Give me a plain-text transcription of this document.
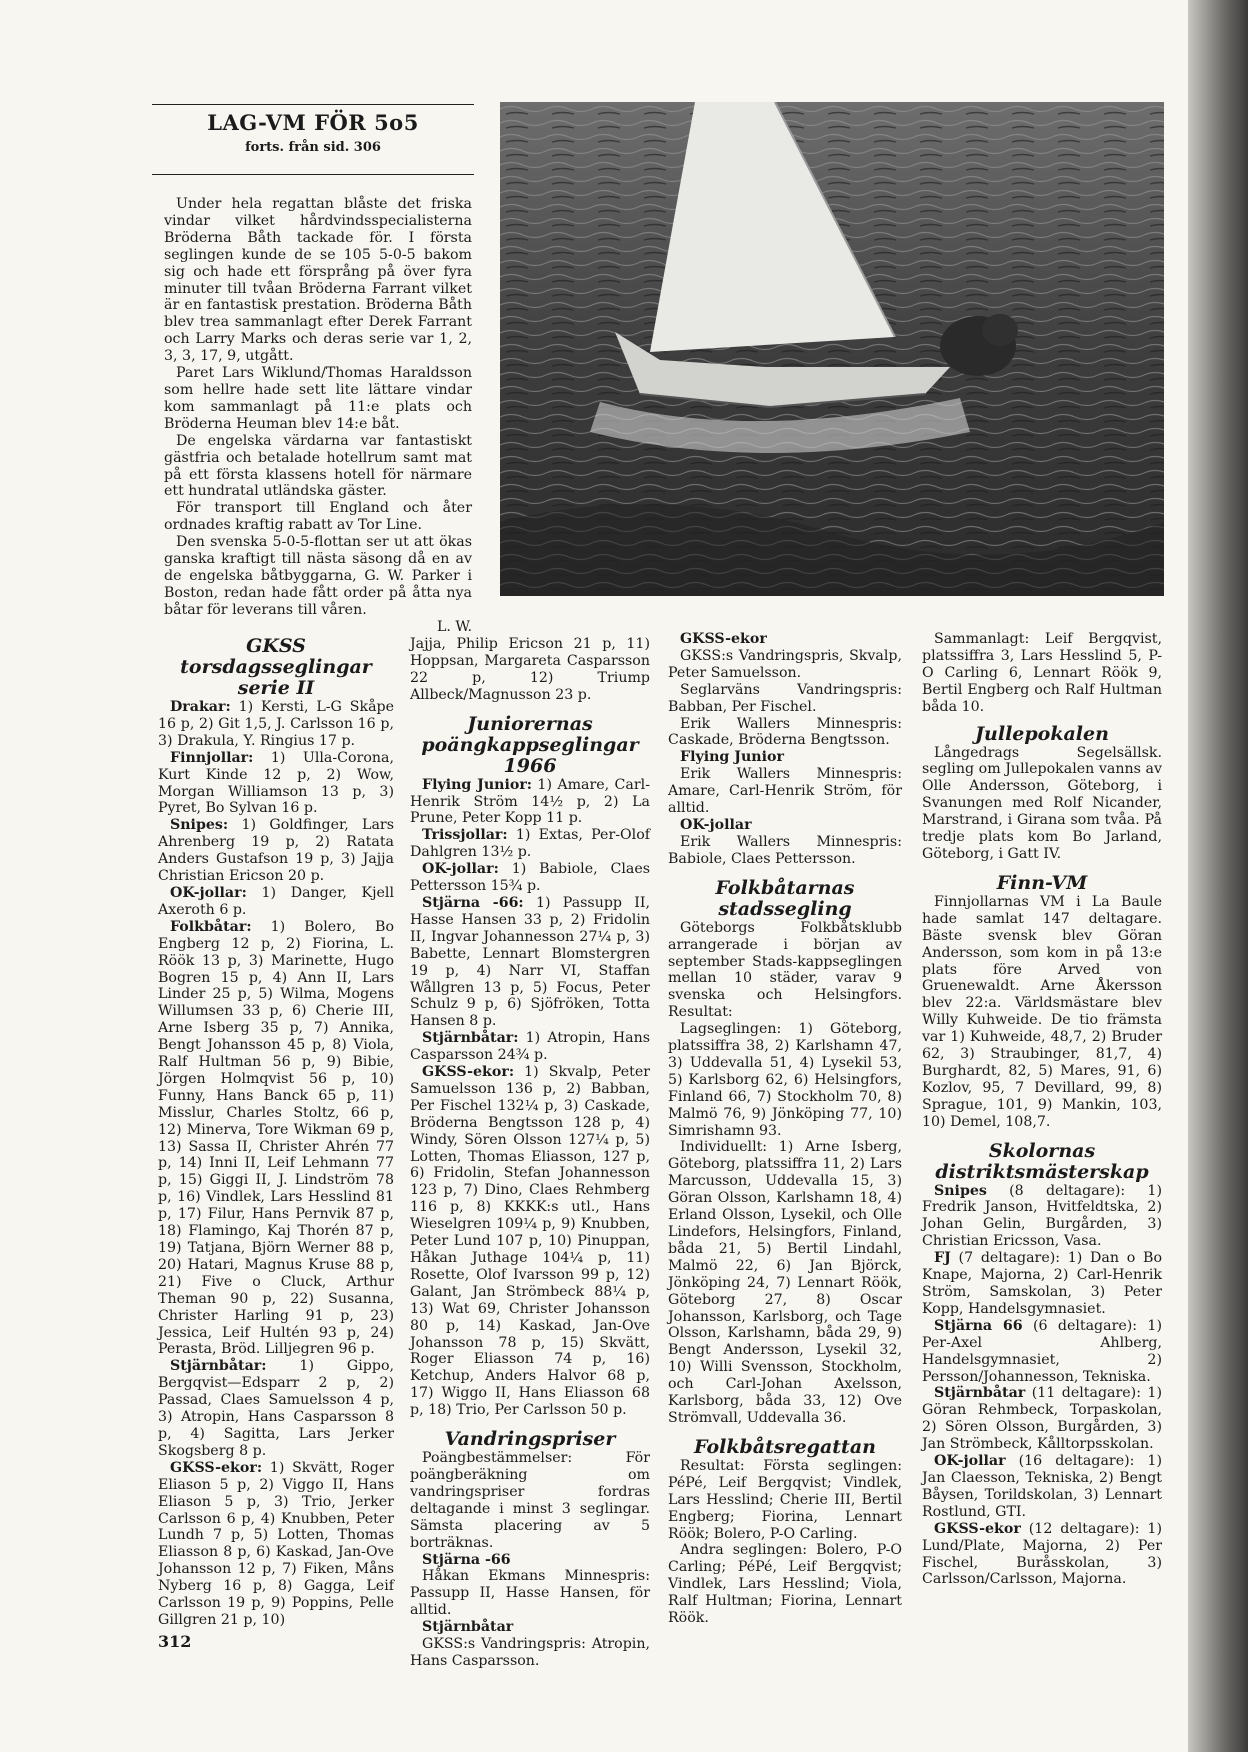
LAG-VM FÖR 5o5
forts. från sid. 306

Under hela regattan blåste det friska vindar vilket hårdvindsspecialisterna Bröderna Båth tackade för. I första seglingen kunde de se 105 5-0-5 bakom sig och hade ett försprång på över fyra minuter till tvåan Bröderna Farrant vilket är en fantastisk prestation. Bröderna Båth blev trea sammanlagt efter Derek Farrant och Larry Marks och deras serie var 1, 2, 3, 3, 17, 9, utgått.

Paret Lars Wiklund/Thomas Haraldsson som hellre hade sett lite lättare vindar kom sammanlagt på 11:e plats och Bröderna Heuman blev 14:e båt.

De engelska värdarna var fantastiskt gästfria och betalade hotellrum samt mat på ett första klassens hotell för närmare ett hundratal utländska gäster.

För transport till England och åter ordnades kraftig rabatt av Tor Line.

Den svenska 5-0-5-flottan ser ut att ökas ganska kraftigt till nästa säsong då en av de engelska båtbyggarna, G. W. Parker i Boston, redan hade fått order på åtta nya båtar för leverans till våren.

L. W.

GKSS torsdagsseglingar serie II

Drakar: 1) Kersti, L-G Skåpe 16 p, 2) Git 1,5, J. Carlsson 16 p, 3) Drakula, Y. Ringius 17 p.

Finnjollar: 1) Ulla-Corona, Kurt Kinde 12 p, 2) Wow, Morgan Williamson 13 p, 3) Pyret, Bo Sylvan 16 p.

Snipes: 1) Goldfinger, Lars Ahrenberg 19 p, 2) Ratata Anders Gustafson 19 p, 3) Jajja Christian Ericson 20 p.

OK-jollar: 1) Danger, Kjell Axeroth 6 p.

Folkbåtar: 1) Bolero, Bo Engberg 12 p, 2) Fiorina, L. Röök 13 p, 3) Marinette, Hugo Bogren 15 p, 4) Ann II, Lars Linder 25 p, 5) Wilma, Mogens Willumsen 33 p, 6) Cherie III, Arne Isberg 35 p, 7) Annika, Bengt Johansson 45 p, 8) Viola, Ralf Hultman 56 p, 9) Bibie, Jörgen Holmqvist 56 p, 10) Funny, Hans Banck 65 p, 11) Misslur, Charles Stoltz, 66 p, 12) Minerva, Tore Wikman 69 p, 13) Sassa II, Christer Ahrén 77 p, 14) Inni II, Leif Lehmann 77 p, 15) Giggi II, J. Lindström 78 p, 16) Vindlek, Lars Hesslind 81 p, 17) Filur, Hans Pernvik 87 p, 18) Flamingo, Kaj Thorén 87 p, 19) Tatjana, Björn Werner 88 p, 20) Hatari, Magnus Kruse 88 p, 21) Five o Cluck, Arthur Theman 90 p, 22) Susanna, Christer Harling 91 p, 23) Jessica, Leif Hultén 93 p, 24) Perasta, Bröd. Lilljegren 96 p.

Stjärnbåtar: 1) Gippo, Bergqvist—Edsparr 2 p, 2) Passad, Claes Samuelsson 4 p, 3) Atropin, Hans Casparsson 8 p, 4) Sagitta, Lars Jerker Skogsberg 8 p.

GKSS-ekor: 1) Skvätt, Roger Eliason 5 p, 2) Viggo II, Hans Eliason 5 p, 3) Trio, Jerker Carlsson 6 p, 4) Knubben, Peter Lundh 7 p, 5) Lotten, Thomas Eliasson 8 p, 6) Kaskad, Jan-Ove Johansson 12 p, 7) Fiken, Måns Nyberg 16 p, 8) Gagga, Leif Carlsson 19 p, 9) Poppins, Pelle Gillgren 21 p, 10)

Jajja, Philip Ericson 21 p, 11) Hoppsan, Margareta Casparsson 22 p, 12) Triump Allbeck/Magnusson 23 p.

Juniorernas poängkappseglingar 1966

Flying Junior: 1) Amare, Carl-Henrik Ström 14½ p, 2) La Prune, Peter Kopp 11 p.

Trissjollar: 1) Extas, Per-Olof Dahlgren 13½ p.

OK-jollar: 1) Babiole, Claes Pettersson 15¾ p.

Stjärna -66: 1) Passupp II, Hasse Hansen 33 p, 2) Fridolin II, Ingvar Johannesson 27¼ p, 3) Babette, Lennart Blomstergren 19 p, 4) Narr VI, Staffan Wållgren 13 p, 5) Focus, Peter Schulz 9 p, 6) Sjöfröken, Totta Hansen 8 p.

Stjärnbåtar: 1) Atropin, Hans Casparsson 24¾ p.

GKSS-ekor: 1) Skvalp, Peter Samuelsson 136 p, 2) Babban, Per Fischel 132¼ p, 3) Caskade, Bröderna Bengtsson 128 p, 4) Windy, Sören Olsson 127¼ p, 5) Lotten, Thomas Eliasson, 127 p, 6) Fridolin, Stefan Johannesson 123 p, 7) Dino, Claes Rehmberg 116 p, 8) KKKK:s utl., Hans Wieselgren 109¼ p, 9) Knubben, Peter Lund 107 p, 10) Pinuppan, Håkan Juthage 104¼ p, 11) Rosette, Olof Ivarsson 99 p, 12) Galant, Jan Strömbeck 88¼ p, 13) Wat 69, Christer Johansson 80 p, 14) Kaskad, Jan-Ove Johansson 78 p, 15) Skvätt, Roger Eliasson 74 p, 16) Ketchup, Anders Halvor 68 p, 17) Wiggo II, Hans Eliasson 68 p, 18) Trio, Per Carlsson 50 p.

Vandringspriser

Poängbestämmelser: För poängberäkning om vandringspriser fordras deltagande i minst 3 seglingar. Sämsta placering av 5 borträknas.

Stjärna -66

Håkan Ekmans Minnespris: Passupp II, Hasse Hansen, för alltid.

Stjärnbåtar

GKSS:s Vandringspris: Atropin, Hans Casparsson.

GKSS-ekor

GKSS:s Vandringspris, Skvalp, Peter Samuelsson.

Seglarväns Vandringspris: Babban, Per Fischel.

Erik Wallers Minnespris: Caskade, Bröderna Bengtsson.

Flying Junior

Erik Wallers Minnespris: Amare, Carl-Henrik Ström, för alltid.

OK-jollar

Erik Wallers Minnespris: Babiole, Claes Pettersson.

Folkbåtarnas stadssegling

Göteborgs Folkbåtsklubb arrangerade i början av september Stads-kappseglingen mellan 10 städer, varav 9 svenska och Helsingfors. Resultat:

Lagseglingen: 1) Göteborg, platssiffra 38, 2) Karlshamn 47, 3) Uddevalla 51, 4) Lysekil 53, 5) Karlsborg 62, 6) Helsingfors, Finland 66, 7) Stockholm 70, 8) Malmö 76, 9) Jönköping 77, 10) Simrishamn 93.

Individuellt: 1) Arne Isberg, Göteborg, platssiffra 11, 2) Lars Marcusson, Uddevalla 15, 3) Göran Olsson, Karlshamn 18, 4) Erland Olsson, Lysekil, och Olle Lindefors, Helsingfors, Finland, båda 21, 5) Bertil Lindahl, Malmö 22, 6) Jan Björck, Jönköping 24, 7) Lennart Röök, Göteborg 27, 8) Oscar Johansson, Karlsborg, och Tage Olsson, Karlshamn, båda 29, 9) Bengt Andersson, Lysekil 32, 10) Willi Svensson, Stockholm, och Carl-Johan Axelsson, Karlsborg, båda 33, 12) Ove Strömvall, Uddevalla 36.

Folkbåtsregattan

Resultat: Första seglingen: PéPé, Leif Bergqvist; Vindlek, Lars Hesslind; Cherie III, Bertil Engberg; Fiorina, Lennart Röök; Bolero, P-O Carling.

Andra seglingen: Bolero, P-O Carling; PéPé, Leif Bergqvist; Vindlek, Lars Hesslind; Viola, Ralf Hultman; Fiorina, Lennart Röök.

Sammanlagt: Leif Bergqvist, platssiffra 3, Lars Hesslind 5, P-O Carling 6, Lennart Röök 9, Bertil Engberg och Ralf Hultman båda 10.

Jullepokalen

Långedrags Segelsällsk. segling om Jullepokalen vanns av Olle Andersson, Göteborg, i Svanungen med Rolf Nicander, Marstrand, i Girana som tvåa. På tredje plats kom Bo Jarland, Göteborg, i Gatt IV.

Finn-VM

Finnjollarnas VM i La Baule hade samlat 147 deltagare. Bäste svensk blev Göran Andersson, som kom in på 13:e plats före Arved von Gruenewaldt. Arne Åkersson blev 22:a. Världsmästare blev Willy Kuhweide. De tio främsta var 1) Kuhweide, 48,7, 2) Bruder 62, 3) Straubinger, 81,7, 4) Burghardt, 82, 5) Mares, 91, 6) Kozlov, 95, 7 Devillard, 99, 8) Sprague, 101, 9) Mankin, 103, 10) Demel, 108,7.

Skolornas distriktsmästerskap

Snipes (8 deltagare): 1) Fredrik Janson, Hvitfeldtska, 2) Johan Gelin, Burgården, 3) Christian Ericsson, Vasa.

FJ (7 deltagare): 1) Dan o Bo Knape, Majorna, 2) Carl-Henrik Ström, Samskolan, 3) Peter Kopp, Handelsgymnasiet.

Stjärna 66 (6 deltagare): 1) Per-Axel Ahlberg, Handelsgymnasiet, 2) Persson/Johannesson, Tekniska.

Stjärnbåtar (11 deltagare): 1) Göran Rehmbeck, Torpaskolan, 2) Sören Olsson, Burgården, 3) Jan Strömbeck, Kålltorpsskolan.

OK-jollar (16 deltagare): 1) Jan Claesson, Tekniska, 2) Bengt Båysen, Torildskolan, 3) Lennart Rostlund, GTI.

GKSS-ekor (12 deltagare): 1) Lund/Plate, Majorna, 2) Per Fischel, Buråsskolan, 3) Carlsson/Carlsson, Majorna.

312
